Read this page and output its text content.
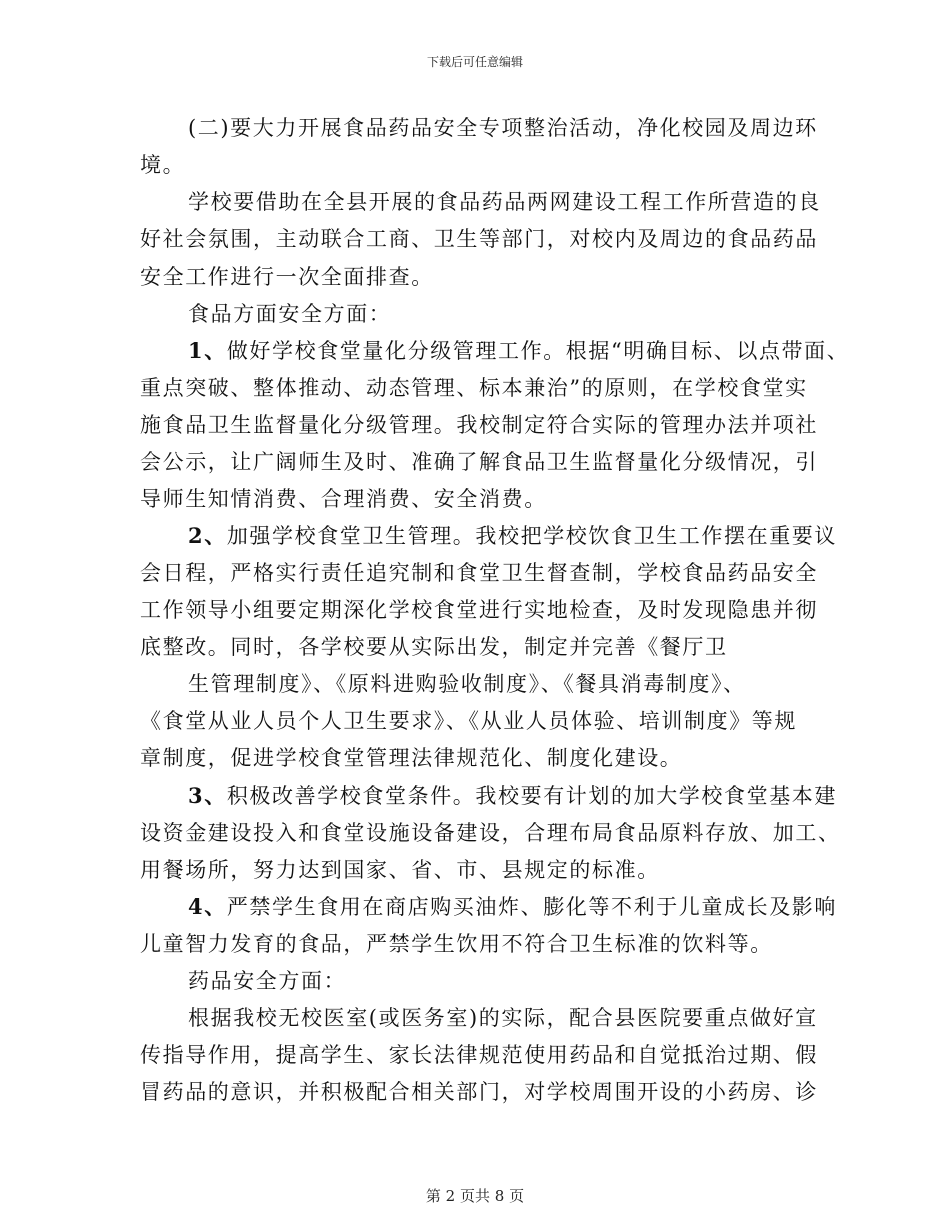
下载后可任意编辑
(二)要大力开展食品药品安全专项整治活动，净化校园及周边环
境。
学校要借助在全县开展的食品药品两网建设工程工作所营造的良
好社会氛围，主动联合工商、卫生等部门，对校内及周边的食品药品
安全工作进行一次全面排查。
食品方面安全方面：
1、做好学校食堂量化分级管理工作。根据“明确目标、以点带面、
重点突破、整体推动、动态管理、标本兼治”的原则，在学校食堂实
施食品卫生监督量化分级管理。我校制定符合实际的管理办法并项社
会公示，让广阔师生及时、准确了解食品卫生监督量化分级情况，引
导师生知情消费、合理消费、安全消费。
2、加强学校食堂卫生管理。我校把学校饮食卫生工作摆在重要议
会日程，严格实行责任追究制和食堂卫生督查制，学校食品药品安全
工作领导小组要定期深化学校食堂进行实地检查，及时发现隐患并彻
底整改。同时，各学校要从实际出发，制定并完善《餐厅卫
生管理制度》、《原料进购验收制度》、《餐具消毒制度》、
《食堂从业人员个人卫生要求》、《从业人员体验、培训制度》等规
章制度，促进学校食堂管理法律规范化、制度化建设。
3、积极改善学校食堂条件。我校要有计划的加大学校食堂基本建
设资金建设投入和食堂设施设备建设，合理布局食品原料存放、加工、
用餐场所，努力达到国家、省、市、县规定的标准。
4、严禁学生食用在商店购买油炸、膨化等不利于儿童成长及影响
儿童智力发育的食品，严禁学生饮用不符合卫生标准的饮料等。
药品安全方面：
根据我校无校医室(或医务室)的实际，配合县医院要重点做好宣
传指导作用，提高学生、家长法律规范使用药品和自觉抵治过期、假
冒药品的意识，并积极配合相关部门，对学校周围开设的小药房、诊
第 2 页共 8 页
